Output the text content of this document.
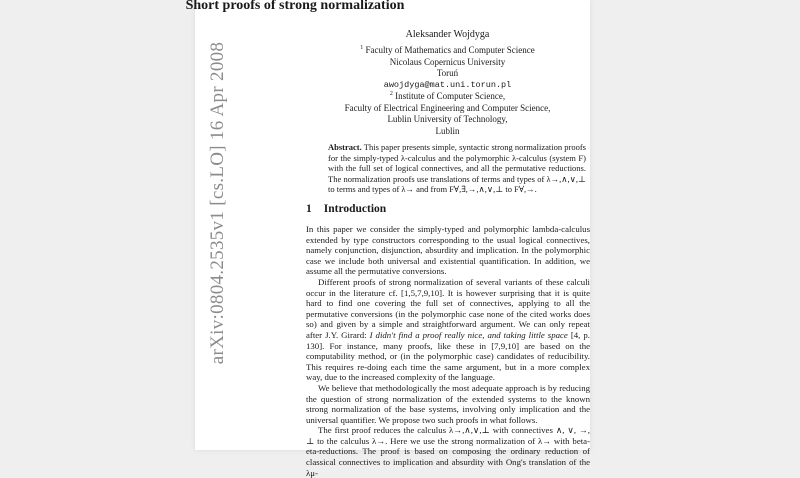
arXiv:0804.2535v1 [cs.LO] 16 Apr 2008
Short proofs of strong normalization
Aleksander Wojdyga
$^1$ Faculty of Mathematics and Computer Science
Nicolaus Copernicus University
Toruń
awojdyga@mat.uni.torun.pl
$^2$ Institute of Computer Science,
Faculty of Electrical Engineering and Computer Science,
Lublin University of Technology,
Lublin
Abstract. This paper presents simple, syntactic strong normalization proofs for the simply-typed λ-calculus and the polymorphic λ-calculus (system F) with the full set of logical connectives, and all the permutative reductions. The normalization proofs use translations of terms and types of λ→,∧,∨,⊥ to terms and types of λ→ and from F∀,∃,→,∧,∨,⊥ to F∀,→.
1 Introduction

In this paper we consider the simply-typed and polymorphic lambda-calculus extended by type constructors corresponding to the usual logical connectives, namely conjunction, disjunction, absurdity and implication. In the polymorphic case we include both universal and existential quantification. In addition, we assume all the permutative conversions.

Different proofs of strong normalization of several variants of these calculi occur in the literature cf. [1,5,7,9,10]. It is however surprising that it is quite hard to find one covering the full set of connectives, applying to all the permutative conversions (in the polymorphic case none of the cited works does so) and given by a simple and straightforward argument. We can only repeat after J.Y. Girard: I didn't find a proof really nice, and taking little space [4, p. 130]. For instance, many proofs, like these in [7,9,10] are based on the computability method, or (in the polymorphic case) candidates of reducibility. This requires re-doing each time the same argument, but in a more complex way, due to the increased complexity of the language.

We believe that methodologically the most adequate approach is by reducing the question of strong normalization of the extended systems to the known strong normalization of the base systems, involving only implication and the universal quantifier. We propose two such proofs in what follows.

The first proof reduces the calculus λ→,∧,∨,⊥ with connectives ∧, ∨, →, ⊥ to the calculus λ→. Here we use the strong normalization of λ→ with beta-eta-reductions. The proof is based on composing the ordinary reduction of classical connectives to implication and absurdity with Ong's translation of the λμ-
